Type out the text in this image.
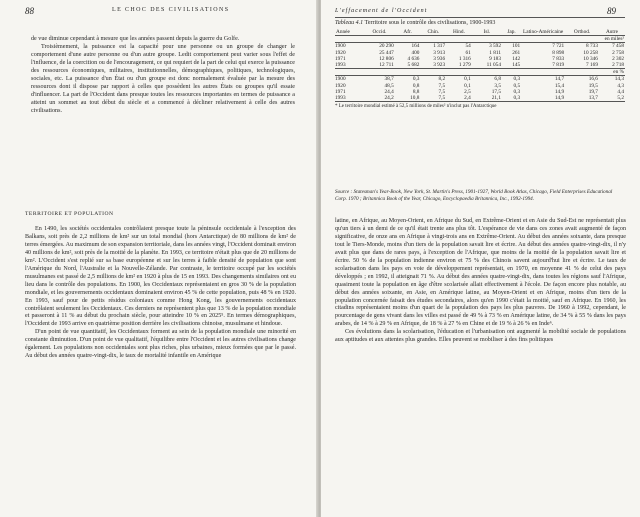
88	LE CHOC DES CIVILISATIONS

de vue diminue cependant à mesure que les années passent depuis la guerre du Golfe.

Troisièmement, la puissance est la capacité pour une personne ou un groupe de changer le comportement d'une autre personne ou d'un autre groupe. Ledit comportement peut varier sous l'effet de l'influence, de la coercition ou de l'encouragement, ce qui requiert de la part de celui qui exerce la puissance des ressources économiques, militaires, institutionnelles, démographiques, politiques, technologiques, sociales, etc. La puissance d'un État ou d'un groupe est donc normalement évaluée par la mesure des ressources dont il dispose par rapport à celles que possèdent les autres États ou groupes qu'il essaie d'influencer. La part de l'Occident dans presque toutes les ressources importantes en termes de puissance a atteint un sommet au tout début du siècle et a commencé à décliner relativement à celle des autres civilisations.

TERRITOIRE ET POPULATION

En 1490, les sociétés occidentales contrôlaient presque toute la péninsule occidentale à l'exception des Balkans, soit près de 2,2 millions de km² sur un total mondial (hors Antarctique) de 80 millions de km² de terres émergées. Au maximum de son expansion territoriale, dans les années vingt, l'Occident dominait environ 40 millions de km², soit près de la moitié de la planète. En 1993, ce territoire n'était plus que de 20 millions de km². L'Occident s'est replié sur sa base européenne et sur les terres à faible densité de population que sont l'Amérique du Nord, l'Australie et la Nouvelle-Zélande. Par contraste, le territoire occupé par les sociétés musulmanes est passé de 2,5 millions de km² en 1920 à plus de 15 en 1993. Des changements similaires ont eu lieu dans le contrôle des populations. En 1900, les Occidentaux représentaient en gros 30 % de la population mondiale, et les gouvernements occidentaux dominaient environ 45 % de cette population, puis 48 % en 1920. En 1993, sauf pour de petits résidus coloniaux comme Hong Kong, les gouvernements occidentaux contrôlaient seulement les Occidentaux. Ces derniers ne représentent plus que 13 % de la population mondiale et passeront à 11 % au début du prochain siècle, pour atteindre 10 % en 2025⁵. En termes démographiques, l'Occident de 1993 arrive en quatrième position derrière les civilisations chinoise, musulmane et hindoue.

D'un point de vue quantitatif, les Occidentaux forment au sein de la population mondiale une minorité en constante diminution. D'un point de vue qualitatif, l'équilibre entre l'Occident et les autres civilisations change également. Les populations non occidentales sont plus riches, plus urbaines, mieux formées que par le passé. Au début des années quatre-vingt-dix, le taux de mortalité infantile en Amérique

L'effacement de l'Occident	89
Tableau 4.1 Territoire sous le contrôle des civilisations, 1900-1993
Année	Occid.	Afr.	Chin.	Hind.	Isl.	Jap.	Latino-Américaine	Orthod.	Autre
en miles²									
1900	20 290	164	1 317	54	3 592	101	7 721	8 733	7 458
1920	25 447	400	3 913	61	1 811	261	8 898	10 258	2 758
1971	12 806	4 636	3 936	1 316	9 183	142	7 833	10 346	2 302
1993	12 711	5 682	3 923	1 279	11 054	145	7 819	7 169	2 718
en %									
1900	38,7	0,3	8,2	0,1	6,8	0,3	14,7	16,6	14,3
1920	48,5	0,8	7,5	0,1	3,5	0,5	15,4	19,5	4,3
1971	24,4	8,8	7,5	2,5	17,5	0,3	14,9	19,7	4,4
1993	24,2	10,8	7,5	2,4	21,1	0,3	14,9	13,7	5,2
* Le territoire mondial estimé à 52,5 millions de miles² n'inclut pas l'Antarctique
Source : Statesman's Year-Book, New York, St. Martin's Press, 1901-1927, World Book Atlas, Chicago, Field Enterprises Educational Corp. 1970 ; Britannica Book of the Year, Chicago, Encyclopaedia Britannica, Inc., 1992-1994.

latine, en Afrique, au Moyen-Orient, en Afrique du Sud, en Extrême-Orient et en Asie du Sud-Est ne représentait plus qu'un tiers à un demi de ce qu'il était trente ans plus tôt. L'espérance de vie dans ces zones avait augmenté de façon significative, de onze ans en Afrique à vingt-trois ans en Extrême-Orient. Au début des années soixante, dans presque tout le Tiers-Monde, moins d'un tiers de la population savait lire et écrire. Au début des années quatre-vingt-dix, il n'y avait plus que dans de rares pays, à l'exception de l'Afrique, que moins de la moitié de la population savait lire et écrire. 50 % de la population indienne environ et 75 % des Chinois savent aujourd'hui lire et écrire. Le taux de scolarisation dans les pays en voie de développement représentait, en 1970, en moyenne 41 % de celui des pays développés ; en 1992, il atteignait 71 %. Au début des années quatre-vingt-dix, dans toutes les régions sauf l'Afrique, quasiment toute la population en âge d'être scolarisée allait effectivement à l'école. De façon encore plus notable, au début des années soixante, en Asie, en Amérique latine, au Moyen-Orient et en Afrique, moins d'un tiers de la population concernée faisait des études secondaires, alors qu'en 1990 c'était la moitié, sauf en Afrique. En 1960, les citadins représentaient moins d'un quart de la population des pays les plus pauvres. De 1960 à 1992, cependant, le pourcentage de gens vivant dans les villes est passé de 49 % à 73 % en Amérique latine, de 34 % à 55 % dans les pays arabes, de 14 % à 29 % en Afrique, de 18 % à 27 % en Chine et de 19 % à 26 % en Inde⁶.

Ces évolutions dans la scolarisation, l'éducation et l'urbanisation ont augmenté la mobilité sociale de populations aux aptitudes et aux attentes plus grandes. Elles peuvent se mobiliser à des fins politiques
